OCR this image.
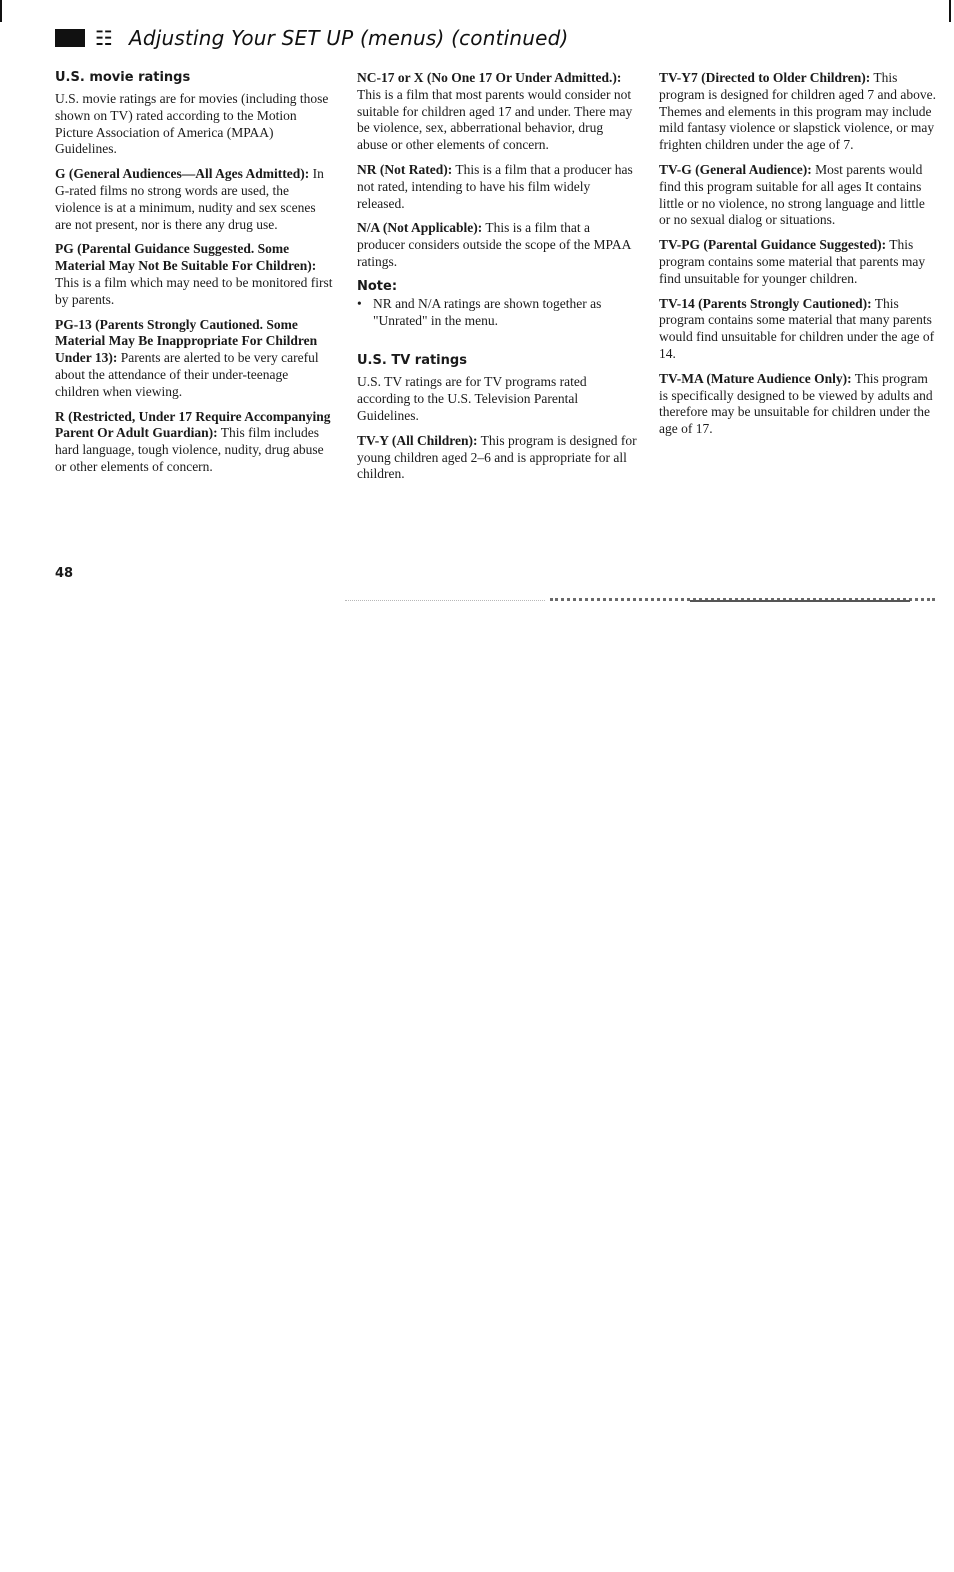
☷ Adjusting Your SET UP (menus) (continued)
U.S. movie ratings

U.S. movie ratings are for movies (including those shown on TV) rated according to the Motion Picture Association of America (MPAA) Guidelines.

G (General Audiences—All Ages Admitted): In G-rated films no strong words are used, the violence is at a minimum, nudity and sex scenes are not present, nor is there any drug use.

PG (Parental Guidance Suggested. Some Material May Not Be Suitable For Children): This is a film which may need to be monitored first by parents.

PG-13 (Parents Strongly Cautioned. Some Material May Be Inappropriate For Children Under 13): Parents are alerted to be very careful about the attendance of their under-teenage children when viewing.

R (Restricted, Under 17 Require Accompanying Parent Or Adult Guardian): This film includes hard language, tough violence, nudity, drug abuse or other elements of concern.

NC-17 or X (No One 17 Or Under Admitted.): This is a film that most parents would consider not suitable for children aged 17 and under. There may be violence, sex, abberrational behavior, drug abuse or other elements of concern.

NR (Not Rated): This is a film that a producer has not rated, intending to have his film widely released.

N/A (Not Applicable): This is a film that a producer considers outside the scope of the MPAA ratings.

Note:
• NR and N/A ratings are shown together as "Unrated" in the menu.
U.S. TV ratings

U.S. TV ratings are for TV programs rated according to the U.S. Television Parental Guidelines.

TV-Y (All Children): This program is designed for young children aged 2–6 and is appropriate for all children.

TV-Y7 (Directed to Older Children): This program is designed for children aged 7 and above. Themes and elements in this program may include mild fantasy violence or slapstick violence, or may frighten children under the age of 7.

TV-G (General Audience): Most parents would find this program suitable for all ages It contains little or no violence, no strong language and little or no sexual dialog or situations.

TV-PG (Parental Guidance Suggested): This program contains some material that parents may find unsuitable for younger children.

TV-14 (Parents Strongly Cautioned): This program contains some material that many parents would find unsuitable for children under the age of 14.

TV-MA (Mature Audience Only): This program is specifically designed to be viewed by adults and therefore may be unsuitable for children under the age of 17.

48
